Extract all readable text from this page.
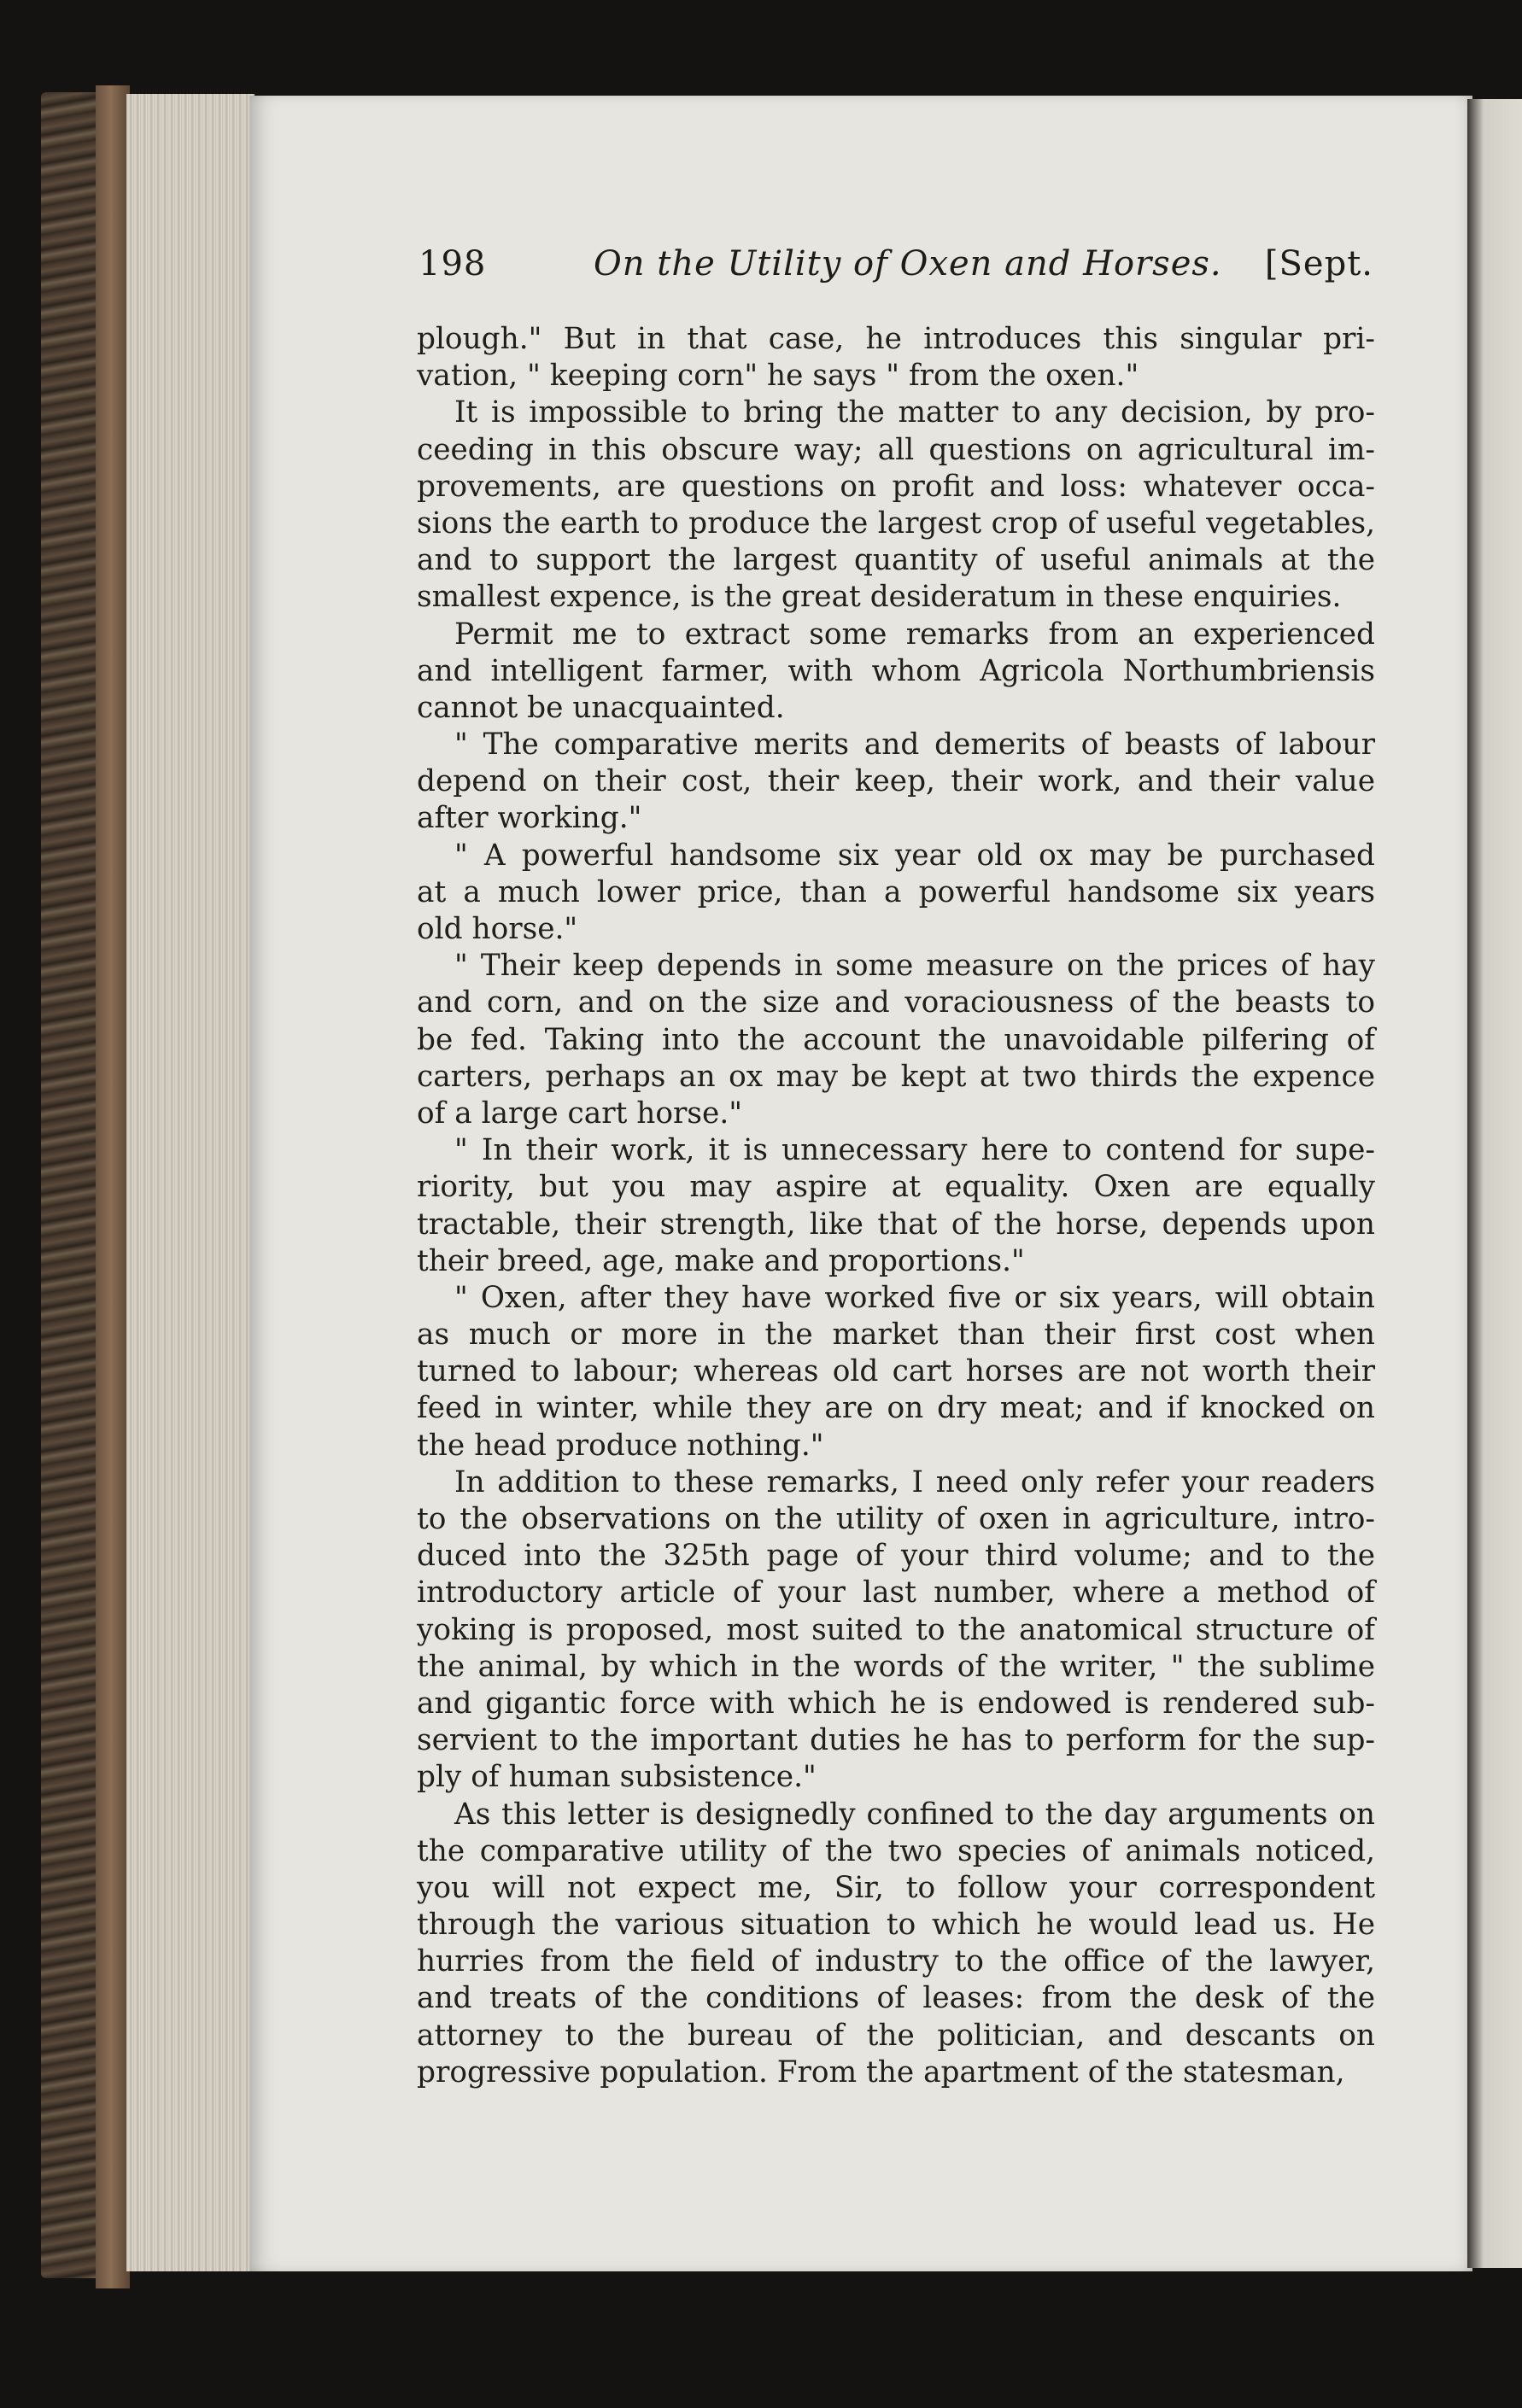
198	On the Utility of Oxen and Horses. [Sept.
plough." But in that case, he introduces this singular pri-
vation, " keeping corn" he says " from the oxen."
It is impossible to bring the matter to any decision, by pro-
ceeding in this obscure way; all questions on agricultural im-
provements, are questions on profit and loss: whatever occa-
sions the earth to produce the largest crop of useful vegetables,
and to support the largest quantity of useful animals at the
smallest expence, is the great desideratum in these enquiries.
Permit me to extract some remarks from an experienced
and intelligent farmer, with whom Agricola Northumbriensis
cannot be unacquainted.
" The comparative merits and demerits of beasts of labour
depend on their cost, their keep, their work, and their value
after working."
" A powerful handsome six year old ox may be purchased
at a much lower price, than a powerful handsome six years
old horse."
" Their keep depends in some measure on the prices of hay
and corn, and on the size and voraciousness of the beasts to
be fed. Taking into the account the unavoidable pilfering of
carters, perhaps an ox may be kept at two thirds the expence
of a large cart horse."
" In their work, it is unnecessary here to contend for supe-
riority, but you may aspire at equality. Oxen are equally
tractable, their strength, like that of the horse, depends upon
their breed, age, make and proportions."
" Oxen, after they have worked five or six years, will obtain
as much or more in the market than their first cost when
turned to labour; whereas old cart horses are not worth their
feed in winter, while they are on dry meat; and if knocked on
the head produce nothing."
In addition to these remarks, I need only refer your readers
to the observations on the utility of oxen in agriculture, intro-
duced into the 325th page of your third volume; and to the
introductory article of your last number, where a method of
yoking is proposed, most suited to the anatomical structure of
the animal, by which in the words of the writer, " the sublime
and gigantic force with which he is endowed is rendered sub-
servient to the important duties he has to perform for the sup-
ply of human subsistence."
As this letter is designedly confined to the day arguments on
the comparative utility of the two species of animals noticed,
you will not expect me, Sir, to follow your correspondent
through the various situation to which he would lead us. He
hurries from the field of industry to the office of the lawyer,
and treats of the conditions of leases: from the desk of the
attorney to the bureau of the politician, and descants on
progressive population. From the apartment of the statesman,
